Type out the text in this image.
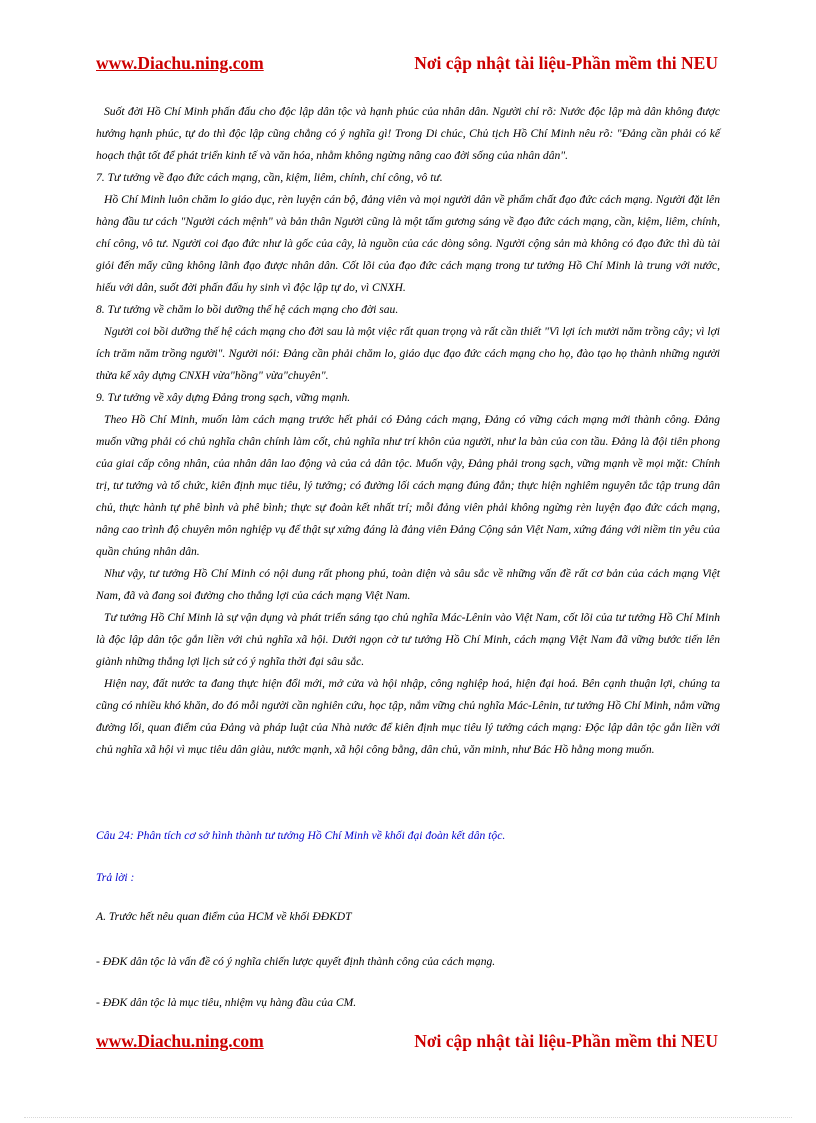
www.Diachu.ning.com	Nơi cập nhật tài liệu-Phần mềm thi NEU

Suốt đời Hồ Chí Minh phấn đấu cho độc lập dân tộc và hạnh phúc của nhân dân. Người chỉ rõ: Nước độc lập mà dân không được hưởng hạnh phúc, tự do thì độc lập cũng chẳng có ý nghĩa gì! Trong Di chúc, Chủ tịch Hồ Chí Minh nêu rõ: "Đảng cần phải có kế hoạch thật tốt để phát triển kinh tế và văn hóa, nhằm không ngừng nâng cao đời sống của nhân dân".

7. Tư tưởng về đạo đức cách mạng, cần, kiệm, liêm, chính, chí công, vô tư.

Hồ Chí Minh luôn chăm lo giáo dục, rèn luyện cán bộ, đảng viên và mọi người dân về phẩm chất đạo đức cách mạng. Người đặt lên hàng đầu tư cách "Người cách mệnh" và bản thân Người cũng là một tấm gương sáng về đạo đức cách mạng, cần, kiệm, liêm, chính, chí công, vô tư. Người coi đạo đức như là gốc của cây, là nguồn của các dòng sông. Người cộng sản mà không có đạo đức thì dù tài giỏi đến mấy cũng không lãnh đạo được nhân dân. Cốt lõi của đạo đức cách mạng trong tư tưởng Hồ Chí Minh là trung với nước, hiếu với dân, suốt đời phấn đấu hy sinh vì độc lập tự do, vì CNXH.

8. Tư tưởng về chăm lo bồi dưỡng thế hệ cách mạng cho đời sau.

Người coi bồi dưỡng thế hệ cách mạng cho đời sau là một việc rất quan trọng và rất cần thiết "Vì lợi ích mười năm trồng cây; vì lợi ích trăm năm trồng người". Người nói: Đảng cần phải chăm lo, giáo dục đạo đức cách mạng cho họ, đào tạo họ thành những người thừa kế xây dựng CNXH vừa"hồng" vừa"chuyên".

9. Tư tưởng về xây dựng Đảng trong sạch, vững mạnh.

Theo Hồ Chí Minh, muốn làm cách mạng trước hết phải có Đảng cách mạng, Đảng có vững cách mạng mới thành công. Đảng muốn vững phải có chủ nghĩa chân chính làm cốt, chủ nghĩa như trí khôn của người, như la bàn của con tầu. Đảng là đội tiên phong của giai cấp công nhân, của nhân dân lao động và của cả dân tộc. Muốn vậy, Đảng phải trong sạch, vững mạnh về mọi mặt: Chính trị, tư tưởng và tổ chức, kiên định mục tiêu, lý tưởng; có đường lối cách mạng đúng đắn; thực hiện nghiêm nguyên tắc tập trung dân chủ, thực hành tự phê bình và phê bình; thực sự đoàn kết nhất trí; mỗi đảng viên phải không ngừng rèn luyện đạo đức cách mạng, nâng cao trình độ chuyên môn nghiệp vụ để thật sự xứng đáng là đảng viên Đảng Cộng sản Việt Nam, xứng đáng với niềm tin yêu của quần chúng nhân dân.

Như vậy, tư tưởng Hồ Chí Minh có nội dung rất phong phú, toàn diện và sâu sắc về những vấn đề rất cơ bản của cách mạng Việt Nam, đã và đang soi đường cho thắng lợi của cách mạng Việt Nam.

Tư tưởng Hồ Chí Minh là sự vận dụng và phát triển sáng tạo chủ nghĩa Mác-Lênin vào Việt Nam, cốt lõi của tư tưởng Hồ Chí Minh là độc lập dân tộc gắn liền với chủ nghĩa xã hội. Dưới ngọn cờ tư tưởng Hồ Chí Minh, cách mạng Việt Nam đã vững bước tiến lên giành những thắng lợi lịch sử có ý nghĩa thời đại sâu sắc.

Hiện nay, đất nước ta đang thực hiện đổi mới, mở cửa và hội nhập, công nghiệp hoá, hiện đại hoá. Bên cạnh thuận lợi, chúng ta cũng có nhiều khó khăn, do đó mỗi người cần nghiên cứu, học tập, nắm vững chủ nghĩa Mác-Lênin, tư tưởng Hồ Chí Minh, nắm vững đường lối, quan điểm của Đảng và pháp luật của Nhà nước để kiên định mục tiêu lý tưởng cách mạng: Độc lập dân tộc gắn liền với chủ nghĩa xã hội vì mục tiêu dân giàu, nước mạnh, xã hội công bằng, dân chủ, văn minh, như Bác Hồ hằng mong muốn.

Câu 24: Phân tích cơ sở hình thành tư tưởng Hồ Chí Minh về khối đại đoàn kết dân tộc.
Trả lời :
A. Trước hết nêu quan điểm của HCM về khối ĐĐKDT
- ĐĐK dân tộc là vấn đề có ý nghĩa chiến lược quyết định thành công của cách mạng.
- ĐĐK dân tộc là mục tiêu, nhiệm vụ hàng đầu của CM.
www.Diachu.ning.com	Nơi cập nhật tài liệu-Phần mềm thi NEU
